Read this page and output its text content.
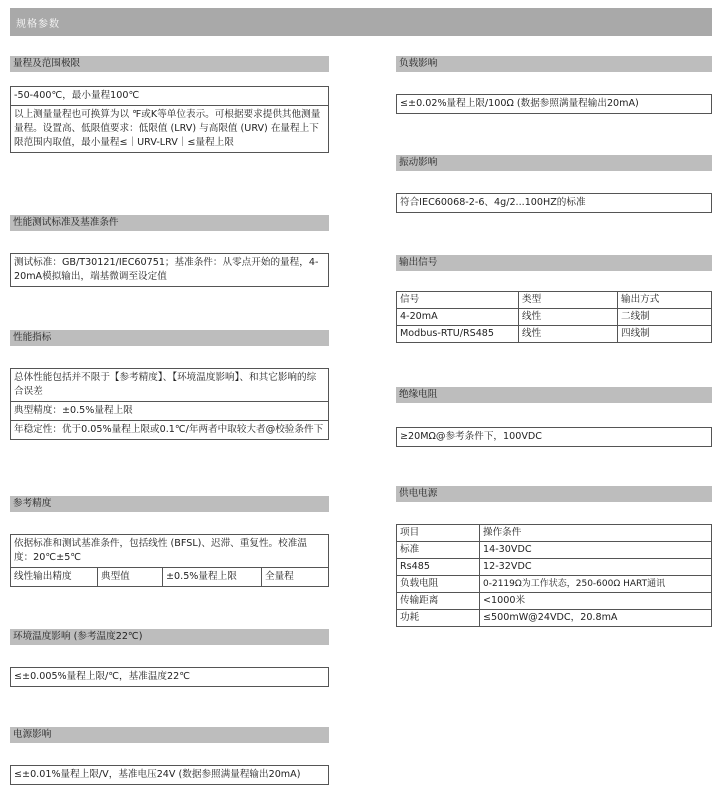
规格参数
量程及范围极限
-50-400℃，最小量程100℃
以上测量量程也可换算为以 ℉或K等单位表示。可根据要求提供其他测量量程。设置高、低限值要求：低限值 (LRV) 与高限值 (URV) 在量程上下限范围内取值，最小量程≤｜URV-LRV｜≤量程上限
性能测试标准及基准条件
测试标准：GB/T30121/IEC60751；基准条件：从零点开始的量程，4-20mA模拟输出，端基微调至设定值
性能指标
总体性能包括并不限于【参考精度】、【环境温度影响】、和其它影响的综合误差
典型精度：±0.5%量程上限
年稳定性：优于0.05%量程上限或0.1℃/年两者中取较大者@校验条件下
参考精度
依据标准和测试基准条件，包括线性 (BFSL)、迟滞、重复性。校准温度：20℃±5℃
线性输出精度	典型值	±0.5%量程上限	全量程
环境温度影响 (参考温度22℃)
≤±0.005%量程上限/℃，基准温度22℃
电源影响
≤±0.01%量程上限/V，基准电压24V (数据参照满量程输出20mA)
负载影响
≤±0.02%量程上限/100Ω (数据参照满量程输出20mA)
振动影响
符合IEC60068-2-6、4g/2...100HZ的标准
输出信号
信号	类型	输出方式
4-20mA	线性	二线制
Modbus-RTU/RS485	线性	四线制
绝缘电阻
≥20MΩ@参考条件下，100VDC
供电电源
项目	操作条件
标准	14-30VDC
Rs485	12-32VDC
负载电阻	0-2119Ω为工作状态，250-600Ω HART通讯
传输距离	<1000米
功耗	≤500mW@24VDC，20.8mA
